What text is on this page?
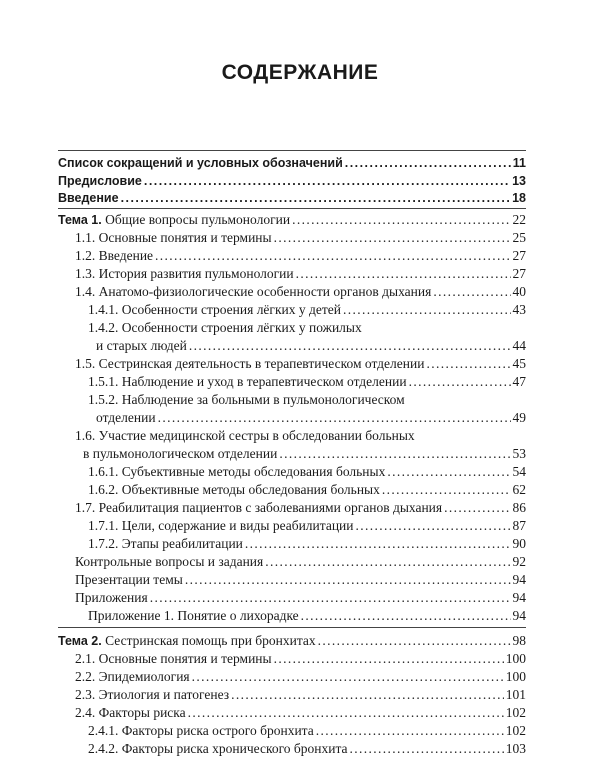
СОДЕРЖАНИЕ
Список сокращений и условных обозначений . . .	11
Предисловие . . .	13
Введение . . .	18
Тема 1. Общие вопросы пульмонологии . . .	22
1.1. Основные понятия и термины . . .	25
1.2. Введение . . .	27
1.3. История развития пульмонологии . . .	27
1.4. Анатомо-физиологические особенности органов дыхания . . .	40
1.4.1. Особенности строения лёгких у детей . . .	43
1.4.2. Особенности строения лёгких у пожилых
и старых людей . . .	44
1.5. Сестринская деятельность в терапевтическом отделении . . .	45
1.5.1. Наблюдение и уход в терапевтическом отделении . . .	47
1.5.2. Наблюдение за больными в пульмонологическом
отделении . . .	49
1.6. Участие медицинской сестры в обследовании больных
в пульмонологическом отделении . . .	53
1.6.1. Субъективные методы обследования больных . . .	54
1.6.2. Объективные методы обследования больных . . .	62
1.7. Реабилитация пациентов с заболеваниями органов дыхания . . .	86
1.7.1. Цели, содержание и виды реабилитации . . .	87
1.7.2. Этапы реабилитации . . .	90
Контрольные вопросы и задания . . .	92
Презентации темы . . .	94
Приложения . . .	94
Приложение 1. Понятие о лихорадке . . .	94
Тема 2. Сестринская помощь при бронхитах . . .	98
2.1. Основные понятия и термины . . .	100
2.2. Эпидемиология . . .	100
2.3. Этиология и патогенез . . .	101
2.4. Факторы риска . . .	102
2.4.1. Факторы риска острого бронхита . . .	102
2.4.2. Факторы риска хронического бронхита . . .	103
